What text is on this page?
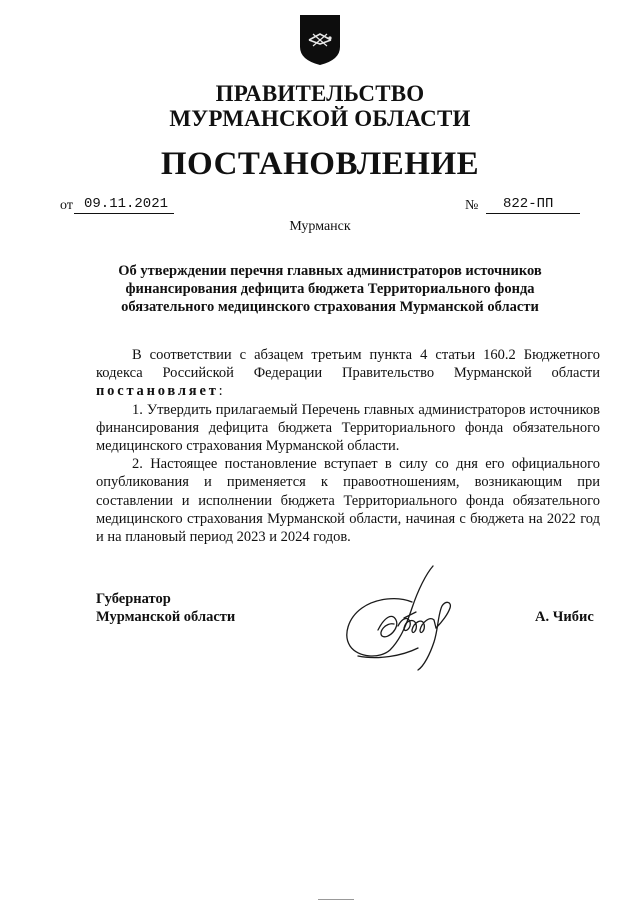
ПРАВИТЕЛЬСТВО
МУРМАНСКОЙ ОБЛАСТИ
ПОСТАНОВЛЕНИЕ
от 09.11.2021	№ 822-ПП
Мурманск
Об утверждении перечня главных администраторов источников финансирования дефицита бюджета Территориального фонда обязательного медицинского страхования Мурманской области

В соответствии с абзацем третьим пункта 4 статьи 160.2 Бюджетного кодекса Российской Федерации Правительство Мурманской области постановляет:

1. Утвердить прилагаемый Перечень главных администраторов источников финансирования дефицита бюджета Территориального фонда обязательного медицинского страхования Мурманской области.

2. Настоящее постановление вступает в силу со дня его официального опубликования и применяется к правоотношениям, возникающим при составлении и исполнении бюджета Территориального фонда обязательного медицинского страхования Мурманской области, начиная с бюджета на 2022 год и на плановый период 2023 и 2024 годов.

Губернатор
Мурманской области	А. Чибис
